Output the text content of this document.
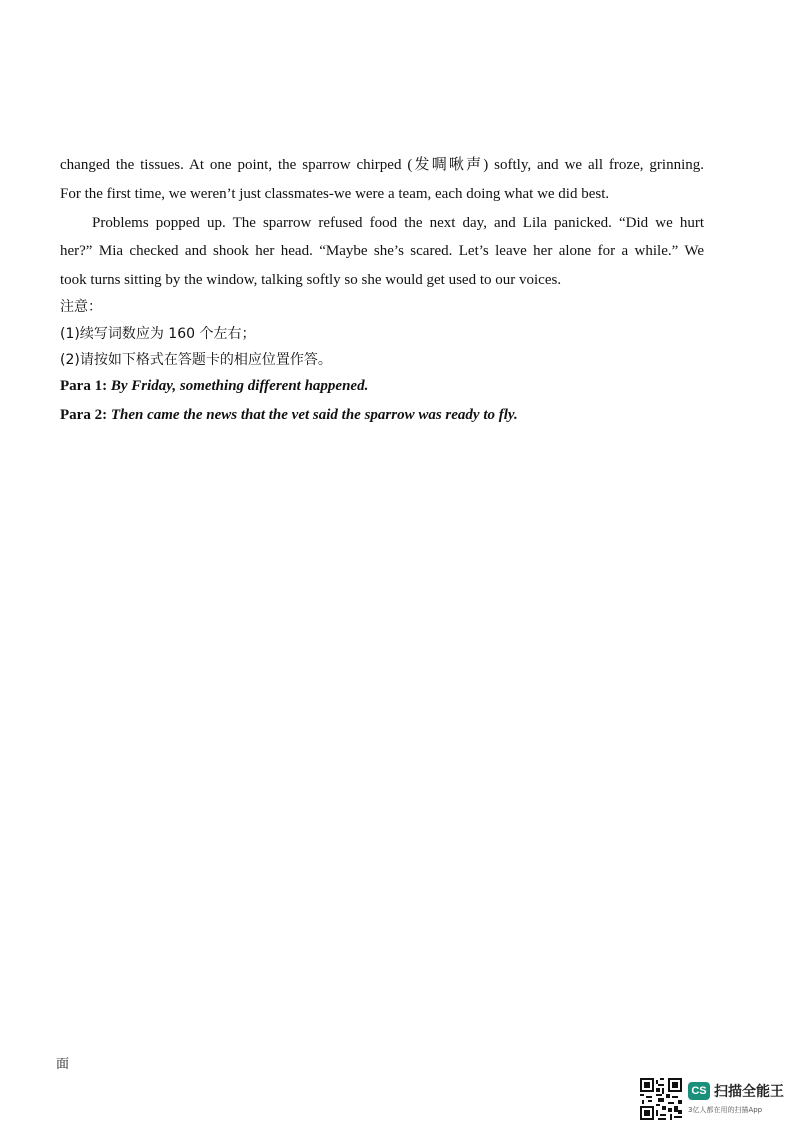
changed the tissues. At one point, the sparrow chirped (发啁啾声) softly, and we all froze, grinning.
For the first time, we weren’t just classmates-we were a team, each doing what we did best.
Problems popped up. The sparrow refused food the next day, and Lila panicked. “Did we hurt
her?” Mia checked and shook her head. “Maybe she’s scared. Let’s leave her alone for a while.” We
took turns sitting by the window, talking softly so she would get used to our voices.
注意：
(1)续写词数应为 160 个左右；
(2)请按如下格式在答题卡的相应位置作答。
Para 1: By Friday, something different happened.
Para 2: Then came the news that the vet said the sparrow was ready to fly.
面
CS 扫描全能王
3亿人都在用的扫描App
